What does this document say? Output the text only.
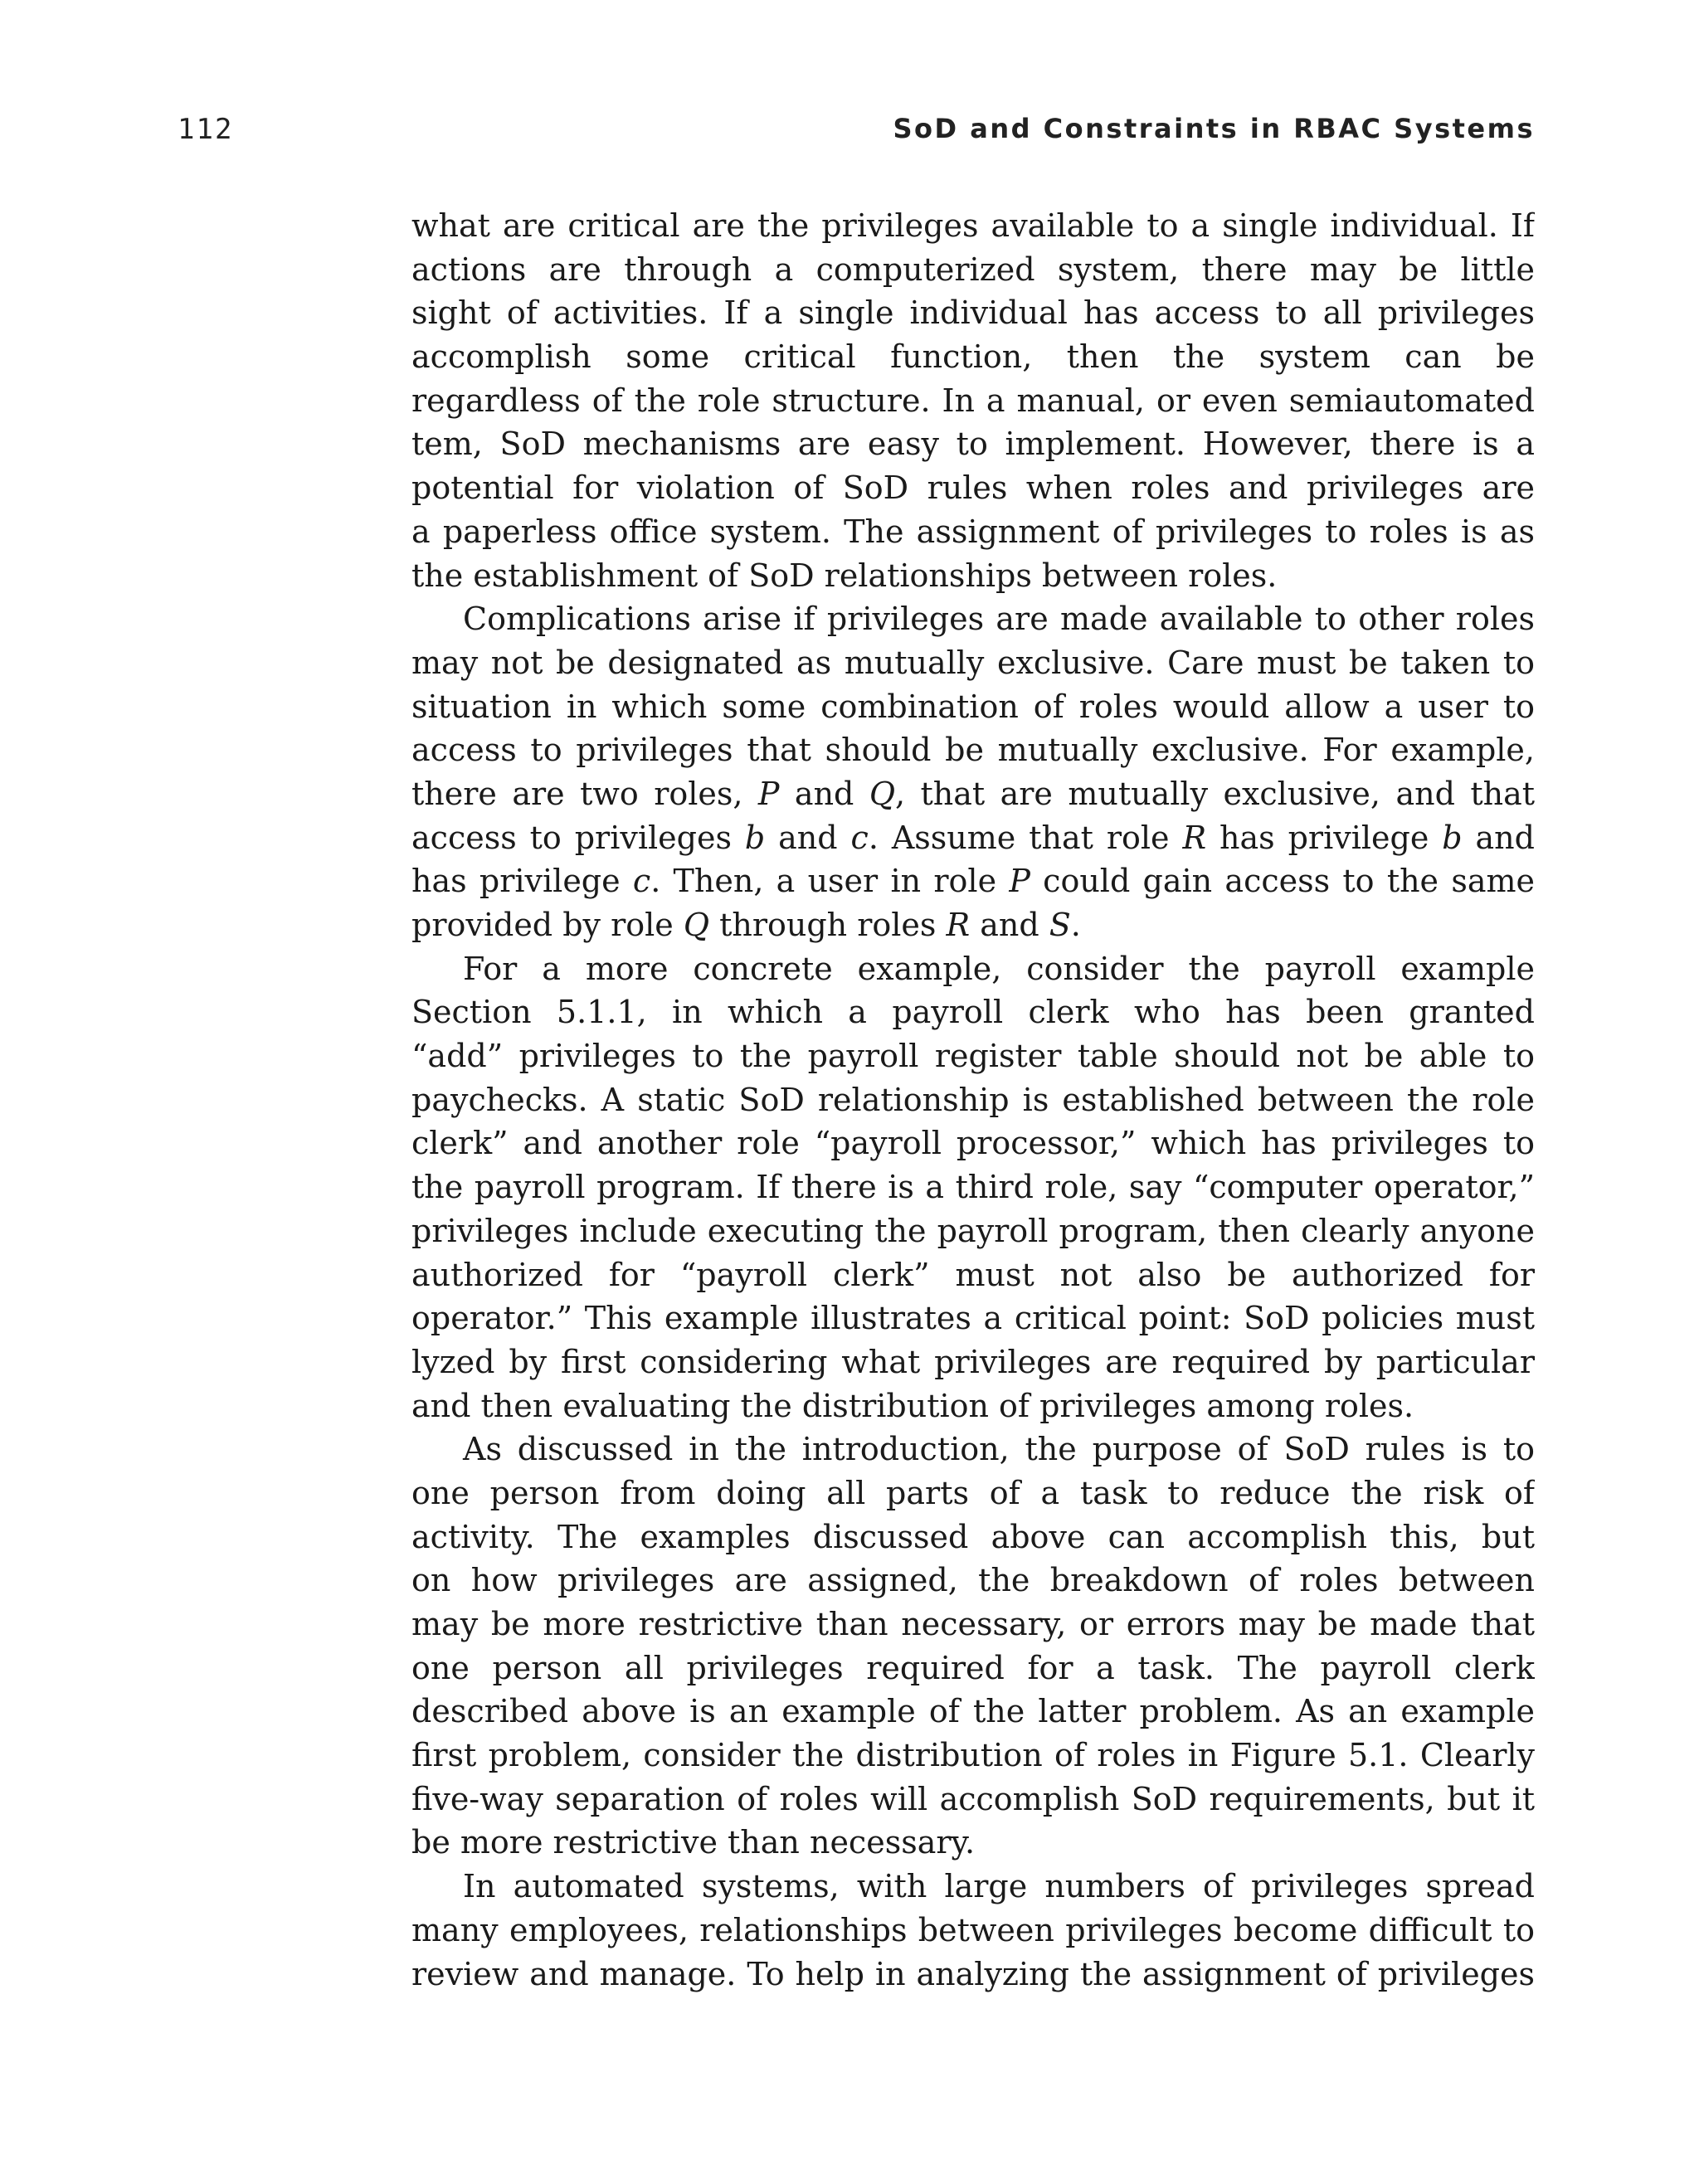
112	SoD and Constraints in RBAC Systems
what are critical are the privileges available to a single individual. If
actions are through a computerized system, there may be little
sight of activities. If a single individual has access to all privileges
accomplish some critical function, then the system can be
regardless of the role structure. In a manual, or even semiautomated
tem, SoD mechanisms are easy to implement. However, there is a
potential for violation of SoD rules when roles and privileges are
a paperless office system. The assignment of privileges to roles is as
the establishment of SoD relationships between roles.
Complications arise if privileges are made available to other roles
may not be designated as mutually exclusive. Care must be taken to
situation in which some combination of roles would allow a user to
access to privileges that should be mutually exclusive. For example,
there are two roles, P and Q, that are mutually exclusive, and that
access to privileges b and c. Assume that role R has privilege b and
has privilege c. Then, a user in role P could gain access to the same
provided by role Q through roles R and S.
For a more concrete example, consider the payroll example
Section 5.1.1, in which a payroll clerk who has been granted
“add” privileges to the payroll register table should not be able to
paychecks. A static SoD relationship is established between the role
clerk” and another role “payroll processor,” which has privileges to
the payroll program. If there is a third role, say “computer operator,”
privileges include executing the payroll program, then clearly anyone
authorized for “payroll clerk” must not also be authorized for
operator.” This example illustrates a critical point: SoD policies must
lyzed by first considering what privileges are required by particular
and then evaluating the distribution of privileges among roles.
As discussed in the introduction, the purpose of SoD rules is to
one person from doing all parts of a task to reduce the risk of
activity. The examples discussed above can accomplish this, but
on how privileges are assigned, the breakdown of roles between
may be more restrictive than necessary, or errors may be made that
one person all privileges required for a task. The payroll clerk
described above is an example of the latter problem. As an example
first problem, consider the distribution of roles in Figure 5.1. Clearly
five-way separation of roles will accomplish SoD requirements, but it
be more restrictive than necessary.
In automated systems, with large numbers of privileges spread
many employees, relationships between privileges become difficult to
review and manage. To help in analyzing the assignment of privileges
